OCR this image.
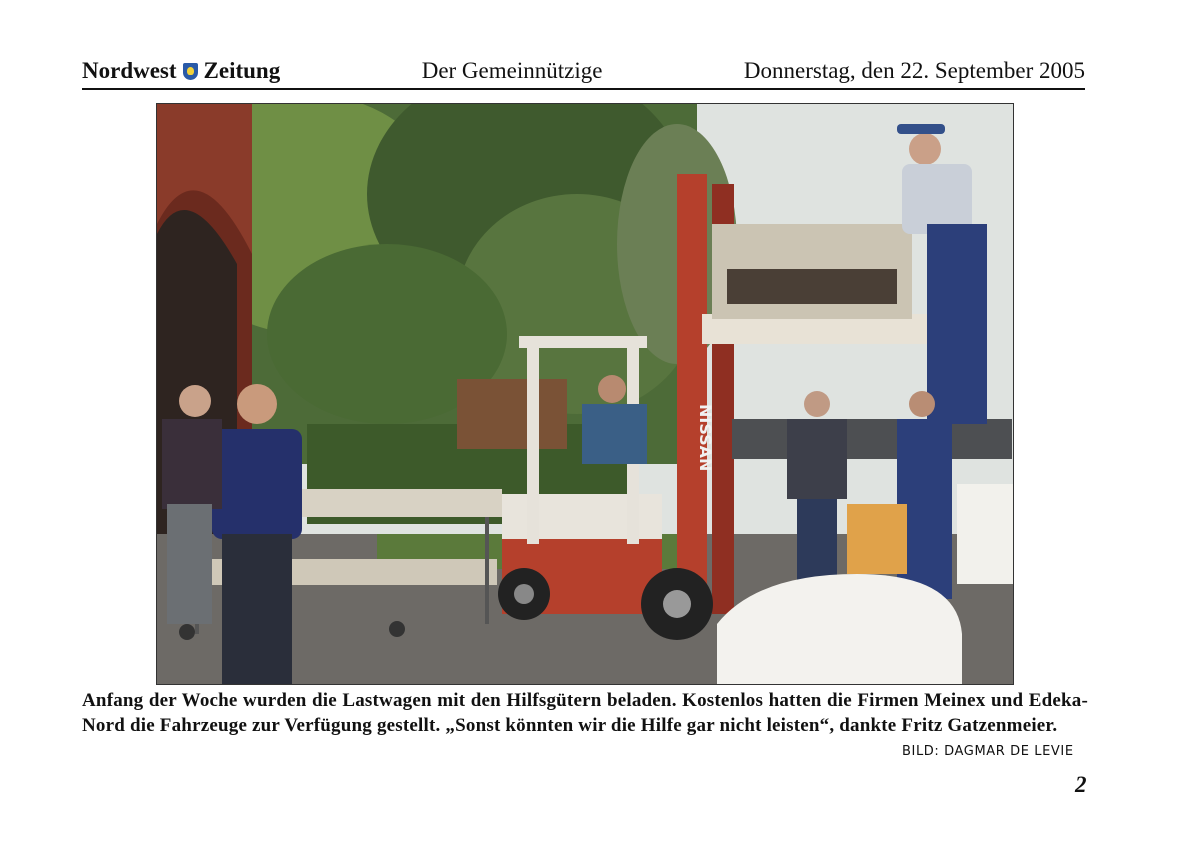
Nordwest Zeitung	Der Gemeinnützige	Donnerstag, den 22. September 2005
NISSAN
Anfang der Woche wurden die Lastwagen mit den Hilfsgütern beladen. Kostenlos hatten die Firmen Meinex und Edeka-Nord die Fahrzeuge zur Verfügung gestellt. „Sonst könnten wir die Hilfe gar nicht leisten“, dankte Fritz Gatzenmeier.
BILD: DAGMAR DE LEVIE
2
